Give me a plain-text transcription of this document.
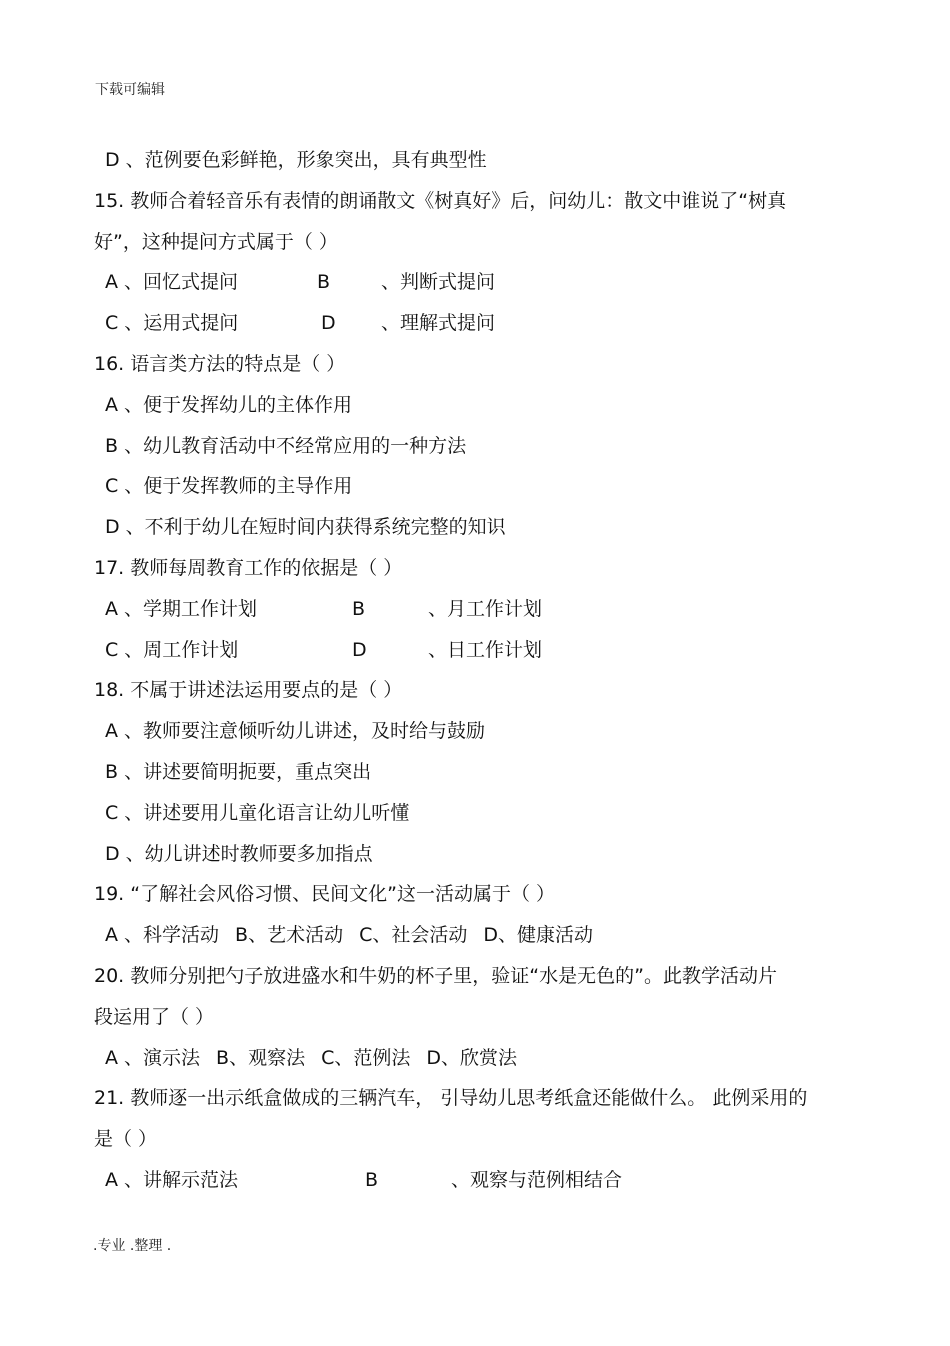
下载可编辑
D 、范例要色彩鲜艳，形象突出，具有典型性
15. 教师合着轻音乐有表情的朗诵散文《树真好》后，问幼儿：散文中谁说了“树真
好”，这种提问方式属于（ ）
A 、回忆式提问	B	、判断式提问
C 、运用式提问	D	、理解式提问
16. 语言类方法的特点是（ ）
A 、便于发挥幼儿的主体作用
B 、幼儿教育活动中不经常应用的一种方法
C 、便于发挥教师的主导作用
D 、不利于幼儿在短时间内获得系统完整的知识
17. 教师每周教育工作的依据是（ ）
A 、学期工作计划	B	、月工作计划
C 、周工作计划	D	、日工作计划
18. 不属于讲述法运用要点的是（ ）
A 、教师要注意倾听幼儿讲述，及时给与鼓励
B 、讲述要简明扼要，重点突出
C 、讲述要用儿童化语言让幼儿听懂
D 、幼儿讲述时教师要多加指点
19. “了解社会风俗习惯、民间文化”这一活动属于（ ）
A 、科学活动 B、艺术活动 C、社会活动 D、健康活动
20. 教师分别把勺子放进盛水和牛奶的杯子里，验证“水是无色的”。此教学活动片
段运用了（ ）
A 、演示法 B、观察法 C、范例法 D、欣赏法
21. 教师逐一出示纸盒做成的三辆汽车， 引导幼儿思考纸盒还能做什么。 此例采用的
是（ ）
A 、讲解示范法	B	、观察与范例相结合
.专业 .整理 .
